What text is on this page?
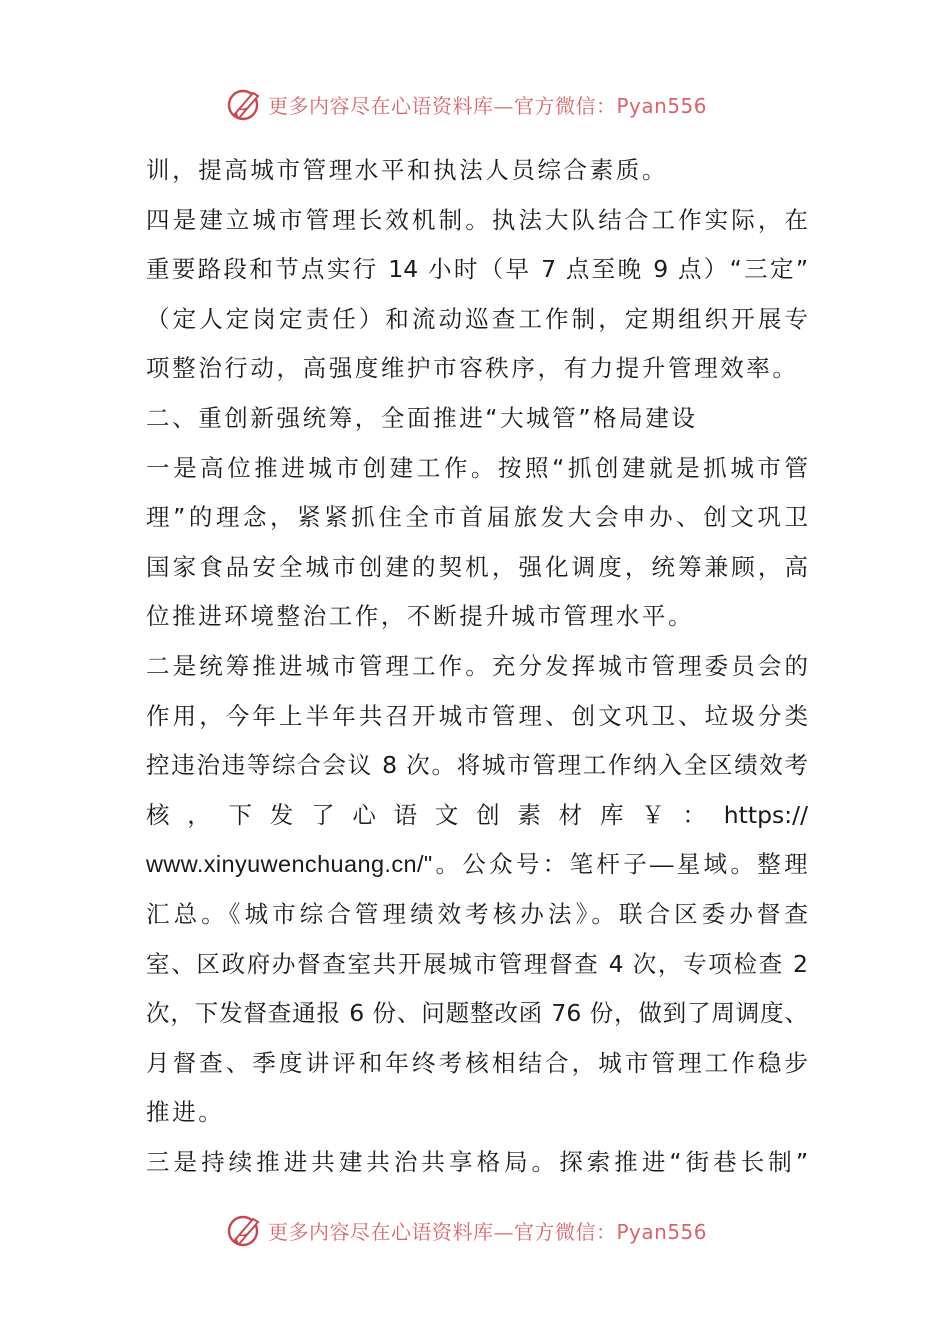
更多内容尽在心语资料库—官方微信：Pyan556
训，提高城市管理水平和执法人员综合素质。
四是建立城市管理长效机制。执法大队结合工作实际，在
重要路段和节点实行 14 小时（早 7 点至晚 9 点）“三定”
（定人定岗定责任）和流动巡查工作制，定期组织开展专
项整治行动，高强度维护市容秩序，有力提升管理效率。
二、重创新强统筹，全面推进“大城管”格局建设
一是高位推进城市创建工作。按照“抓创建就是抓城市管
理”的理念，紧紧抓住全市首届旅发大会申办、创文巩卫
国家食品安全城市创建的契机，强化调度，统筹兼顾，高
位推进环境整治工作，不断提升城市管理水平。
二是统筹推进城市管理工作。充分发挥城市管理委员会的
作用，今年上半年共召开城市管理、创文巩卫、垃圾分类
控违治违等综合会议 8 次。将城市管理工作纳入全区绩效考
核 ， 下 发 了 心 语 文 创 素 材 库 ￥ ： https://
www.xinyuwenchuang.cn/"。公众号：笔杆子—星域。整理
汇总。《城市综合管理绩效考核办法》。联合区委办督查
室、区政府办督查室共开展城市管理督查 4 次，专项检查 2
次，下发督查通报 6 份、问题整改函 76 份，做到了周调度、
月督查、季度讲评和年终考核相结合，城市管理工作稳步
推进。
三是持续推进共建共治共享格局。探索推进“街巷长制”
更多内容尽在心语资料库—官方微信：Pyan556
